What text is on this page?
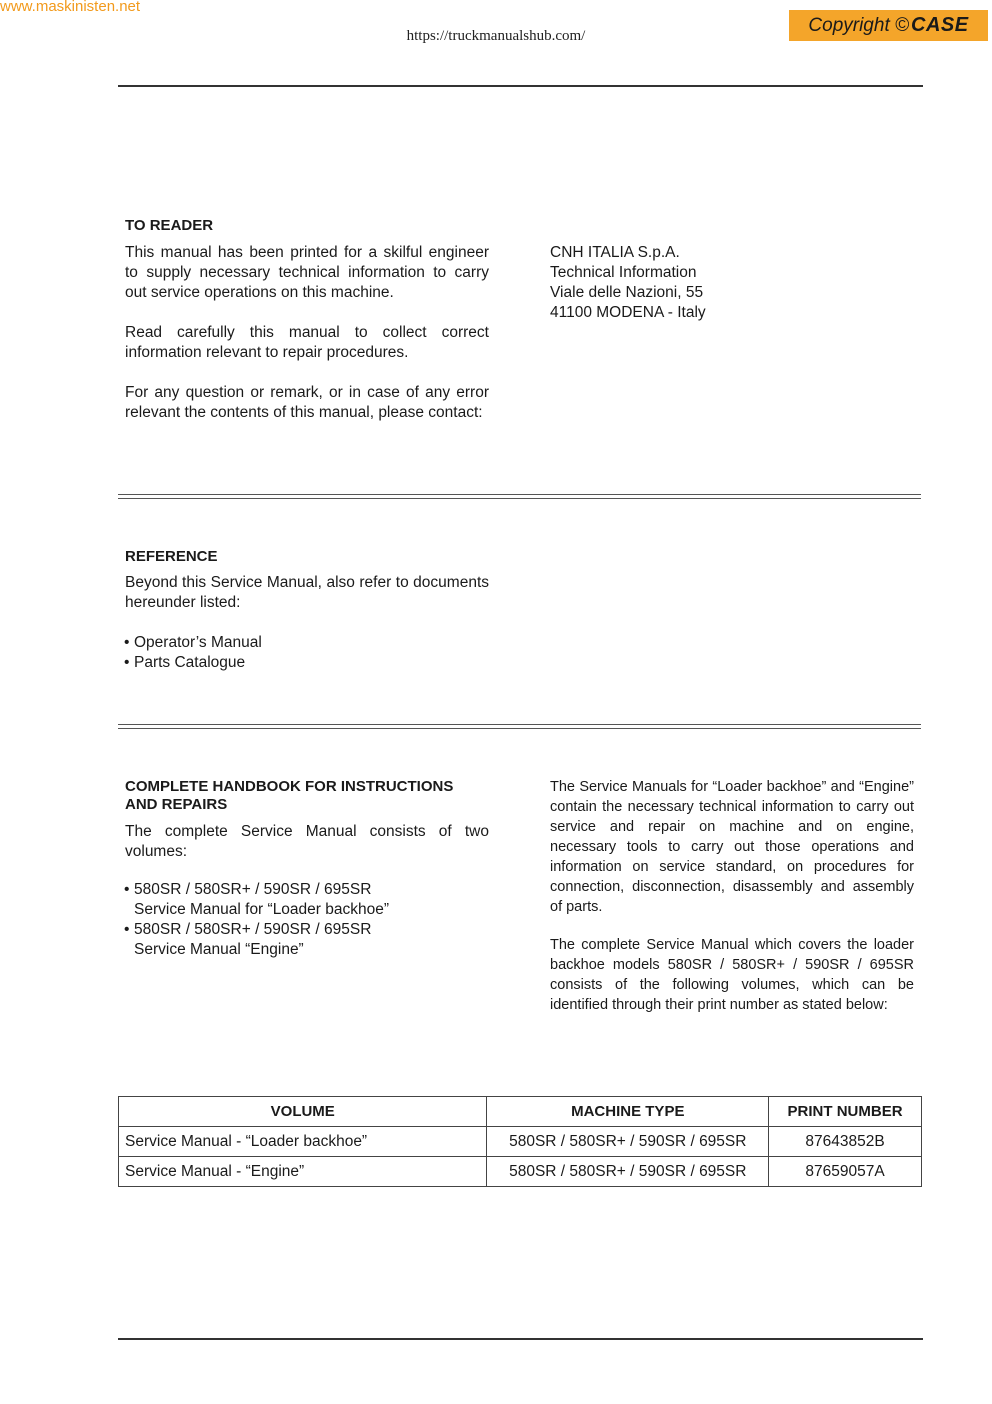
www.maskinisten.net
https://truckmanualshub.com/
Copyright © CASE
TO READER
This manual has been printed for a skilful engineer to supply necessary technical information to carry out service operations on this machine.
Read carefully this manual to collect correct information relevant to repair procedures.
For any question or remark, or in case of any error relevant the contents of this manual, please contact:
CNH ITALIA S.p.A.
Technical Information
Viale delle Nazioni, 55
41100 MODENA - Italy
REFERENCE
Beyond this Service Manual, also refer to documents hereunder listed:
• Operator’s Manual
• Parts Catalogue
COMPLETE HANDBOOK FOR INSTRUCTIONS
AND REPAIRS
The complete Service Manual consists of two volumes:
• 580SR / 580SR+ / 590SR / 695SR
Service Manual for “Loader backhoe”
• 580SR / 580SR+ / 590SR / 695SR
Service Manual “Engine”
The Service Manuals for “Loader backhoe” and “Engine” contain the necessary technical information to carry out service and repair on machine and on engine, necessary tools to carry out those operations and information on service standard, on procedures for connection, disconnection, disassembly and assembly of parts.
The complete Service Manual which covers the loader backhoe models 580SR / 580SR+ / 590SR / 695SR consists of the following volumes, which can be identified through their print number as stated below:
VOLUME	MACHINE TYPE	PRINT NUMBER
Service Manual - “Loader backhoe”	580SR / 580SR+ / 590SR / 695SR	87643852B
Service Manual - “Engine”	580SR / 580SR+ / 590SR / 695SR	87659057A
